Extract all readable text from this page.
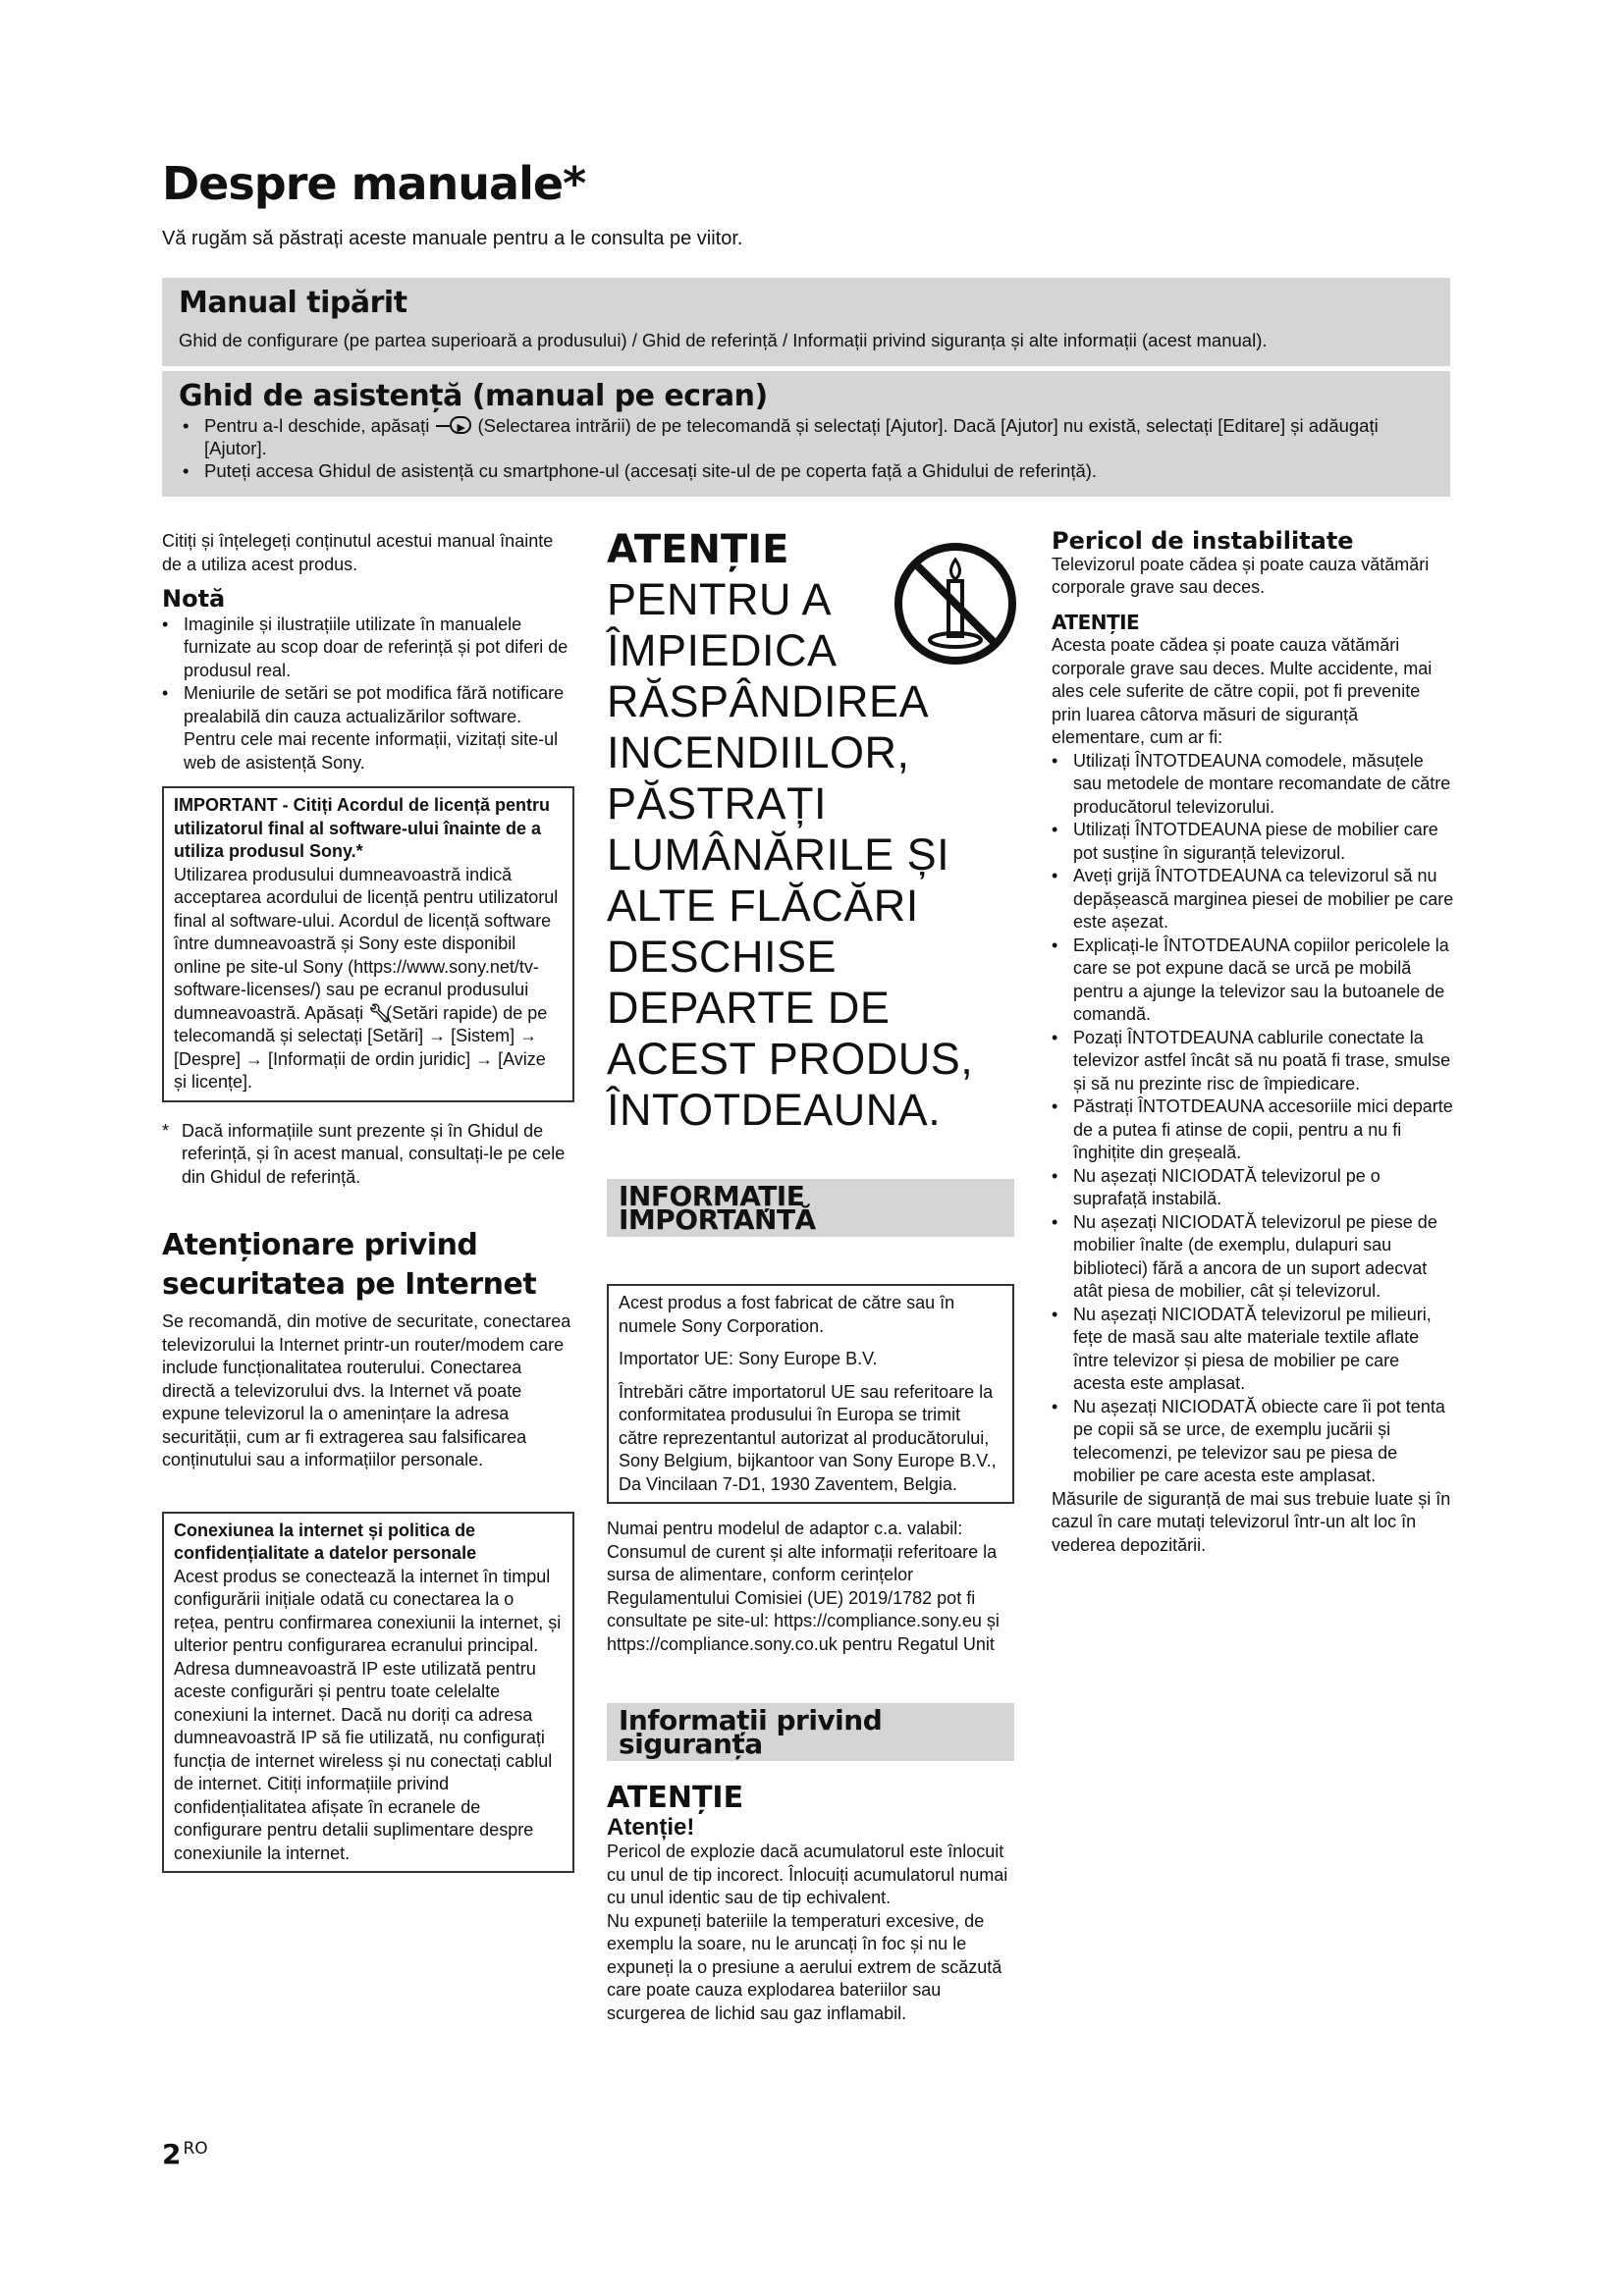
Despre manuale*

Vă rugăm să păstrați aceste manuale pentru a le consulta pe viitor.

Manual tipărit
Ghid de configurare (pe partea superioară a produsului) / Ghid de referință / Informații privind siguranța și alte informații (acest manual).
Ghid de asistență (manual pe ecran)
• Pentru a-l deschide, apăsați
▶	(Selectarea intrării) de pe telecomandă și selectați [Ajutor]. Dacă [Ajutor] nu există, selectați [Editare] și adăugați [Ajutor].
• Puteți accesa Ghidul de asistență cu smartphone-ul (accesați site-ul de pe coperta față a Ghidului de referință).

Citiți și înțelegeți conținutul acestui manual înainte de a utiliza acest produs.

Notă
• Imaginile și ilustrațiile utilizate în manualele furnizate au scop doar de referință și pot diferi de produsul real.
• Meniurile de setări se pot modifica fără notificare prealabilă din cauza actualizărilor software.
Pentru cele mai recente informații, vizitați site-ul web de asistență Sony.

IMPORTANT - Citiți Acordul de licență pentru utilizatorul final al software-ului înainte de a utiliza produsul Sony.*

Utilizarea produsului dumneavoastră indică acceptarea acordului de licență pentru utilizatorul final al software-ului. Acordul de licență software între dumneavoastră și Sony este disponibil online pe site-ul Sony (https://www.sony.net/tv-software-licenses/) sau pe ecranul produsului dumneavoastră. Apăsați 🔧︎(Setări rapide) de pe telecomandă și selectați [Setări] → [Sistem] → [Despre] → [Informații de ordin juridic] → [Avize și licențe].

* Dacă informațiile sunt prezente și în Ghidul de referință, și în acest manual, consultați-le pe cele din Ghidul de referință.

Atenționare privind securitatea pe Internet

Se recomandă, din motive de securitate, conectarea televizorului la Internet printr-un router/modem care include funcționalitatea routerului. Conectarea directă a televizorului dvs. la Internet vă poate expune televizorul la o amenințare la adresa securității, cum ar fi extragerea sau falsificarea conținutului sau a informațiilor personale.

Conexiunea la internet și politica de confidențialitate a datelor personale

Acest produs se conectează la internet în timpul configurării inițiale odată cu conectarea la o rețea, pentru confirmarea conexiunii la internet, și ulterior pentru configurarea ecranului principal. Adresa dumneavoastră IP este utilizată pentru aceste configurări și pentru toate celelalte conexiuni la internet. Dacă nu doriți ca adresa dumneavoastră IP să fie utilizată, nu configurați funcția de internet wireless și nu conectați cablul de internet. Citiți informațiile privind confidențialitatea afișate în ecranele de configurare pentru detalii suplimentare despre conexiunile la internet.

ATENȚIE

PENTRU A ÎMPIEDICA RĂSPÂNDIREA INCENDIILOR, PĂSTRAȚI LUMÂNĂRILE ȘI ALTE FLĂCĂRI DESCHISE DEPARTE DE ACEST PRODUS, ÎNTOTDEAUNA.

INFORMAȚIE IMPORTANTĂ

Acest produs a fost fabricat de către sau în numele Sony Corporation.

Importator UE: Sony Europe B.V.

Întrebări către importatorul UE sau referitoare la conformitatea produsului în Europa se trimit către reprezentantul autorizat al producătorului, Sony Belgium, bijkantoor van Sony Europe B.V., Da Vincilaan 7-D1, 1930 Zaventem, Belgia.

Numai pentru modelul de adaptor c.a. valabil:

Consumul de curent și alte informații referitoare la sursa de alimentare, conform cerințelor Regulamentului Comisiei (UE) 2019/1782 pot fi consultate pe site-ul: https://compliance.sony.eu și https://compliance.sony.co.uk pentru Regatul Unit

Informații privind siguranța

ATENȚIE

Atenție!

Pericol de explozie dacă acumulatorul este înlocuit cu unul de tip incorect. Înlocuiți acumulatorul numai cu unul identic sau de tip echivalent.

Nu expuneți bateriile la temperaturi excesive, de exemplu la soare, nu le aruncați în foc și nu le expuneți la o presiune a aerului extrem de scăzută care poate cauza explodarea bateriilor sau scurgerea de lichid sau gaz inflamabil.

Pericol de instabilitate

Televizorul poate cădea și poate cauza vătămări corporale grave sau deces.

ATENȚIE

Acesta poate cădea și poate cauza vătămări corporale grave sau deces. Multe accidente, mai ales cele suferite de către copii, pot fi prevenite prin luarea câtorva măsuri de siguranță elementare, cum ar fi:

• Utilizați ÎNTOTDEAUNA comodele, măsuțele sau metodele de montare recomandate de către producătorul televizorului.
• Utilizați ÎNTOTDEAUNA piese de mobilier care pot susține în siguranță televizorul.
• Aveți grijă ÎNTOTDEAUNA ca televizorul să nu depășească marginea piesei de mobilier pe care este așezat.
• Explicați-le ÎNTOTDEAUNA copiilor pericolele la care se pot expune dacă se urcă pe mobilă pentru a ajunge la televizor sau la butoanele de comandă.
• Pozați ÎNTOTDEAUNA cablurile conectate la televizor astfel încât să nu poată fi trase, smulse și să nu prezinte risc de împiedicare.
• Păstrați ÎNTOTDEAUNA accesoriile mici departe de a putea fi atinse de copii, pentru a nu fi înghițite din greșeală.
• Nu așezați NICIODATĂ televizorul pe o suprafață instabilă.
• Nu așezați NICIODATĂ televizorul pe piese de mobilier înalte (de exemplu, dulapuri sau biblioteci) fără a ancora de un suport adecvat atât piesa de mobilier, cât și televizorul.
• Nu așezați NICIODATĂ televizorul pe milieuri, fețe de masă sau alte materiale textile aflate între televizor și piesa de mobilier pe care acesta este amplasat.
• Nu așezați NICIODATĂ obiecte care îi pot tenta pe copii să se urce, de exemplu jucării și telecomenzi, pe televizor sau pe piesa de mobilier pe care acesta este amplasat.

Măsurile de siguranță de mai sus trebuie luate și în cazul în care mutați televizorul într-un alt loc în vederea depozitării.

2 $^{RO}$
